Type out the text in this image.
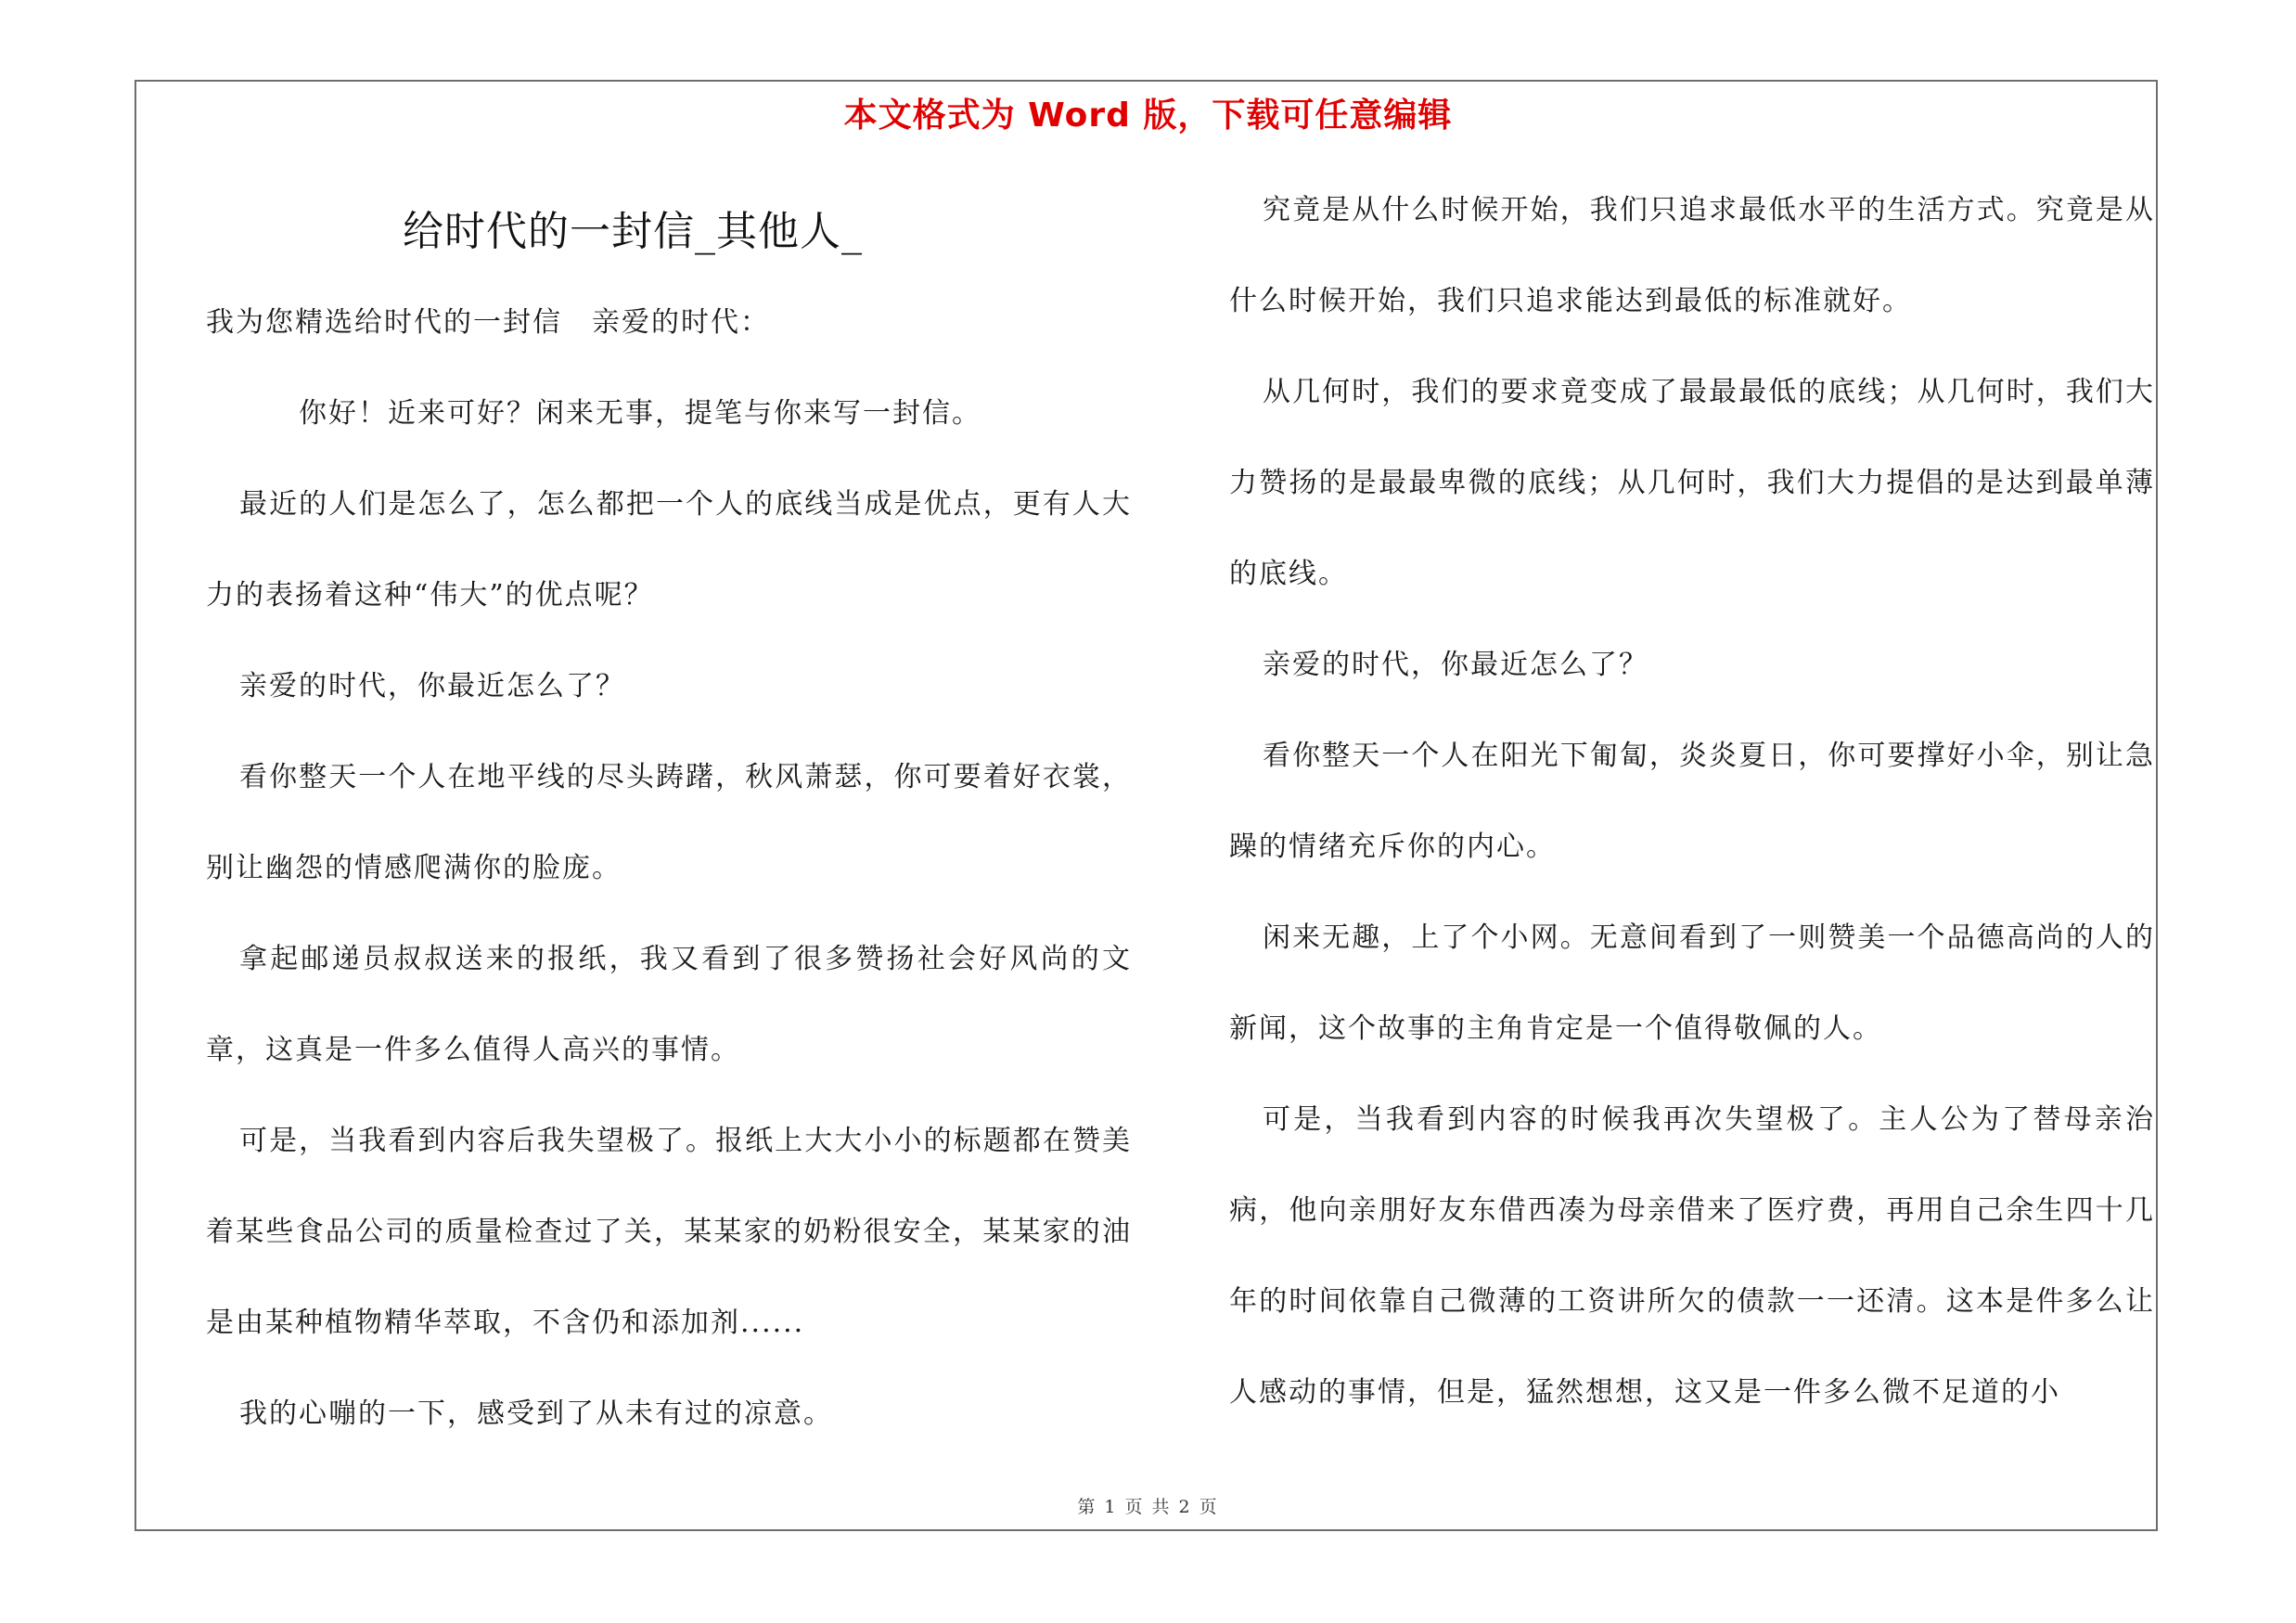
本文格式为 Word 版，下载可任意编辑
给时代的一封信_其他人_

我为您精选给时代的一封信　亲爱的时代：

你好！近来可好？闲来无事，提笔与你来写一封信。

最近的人们是怎么了，怎么都把一个人的底线当成是优点，更有人大力的表扬着这种“伟大”的优点呢？

亲爱的时代，你最近怎么了？

看你整天一个人在地平线的尽头踌躇，秋风萧瑟，你可要着好衣裳，别让幽怨的情感爬满你的脸庞。

拿起邮递员叔叔送来的报纸，我又看到了很多赞扬社会好风尚的文章，这真是一件多么值得人高兴的事情。

可是，当我看到内容后我失望极了。报纸上大大小小的标题都在赞美着某些食品公司的质量检查过了关，某某家的奶粉很安全，某某家的油是由某种植物精华萃取，不含仍和添加剂......

我的心嘣的一下，感受到了从未有过的凉意。

究竟是从什么时候开始，我们只追求最低水平的生活方式。究竟是从什么时候开始，我们只追求能达到最低的标准就好。

从几何时，我们的要求竟变成了最最最低的底线；从几何时，我们大力赞扬的是最最卑微的底线；从几何时，我们大力提倡的是达到最单薄的底线。

亲爱的时代，你最近怎么了？

看你整天一个人在阳光下匍匐，炎炎夏日，你可要撑好小伞，别让急躁的情绪充斥你的内心。

闲来无趣，上了个小网。无意间看到了一则赞美一个品德高尚的人的新闻，这个故事的主角肯定是一个值得敬佩的人。

可是，当我看到内容的时候我再次失望极了。主人公为了替母亲治病，他向亲朋好友东借西凑为母亲借来了医疗费，再用自己余生四十几年的时间依靠自己微薄的工资讲所欠的债款一一还清。这本是件多么让人感动的事情，但是，猛然想想，这又是一件多么微不足道的小

第 1 页 共 2 页
